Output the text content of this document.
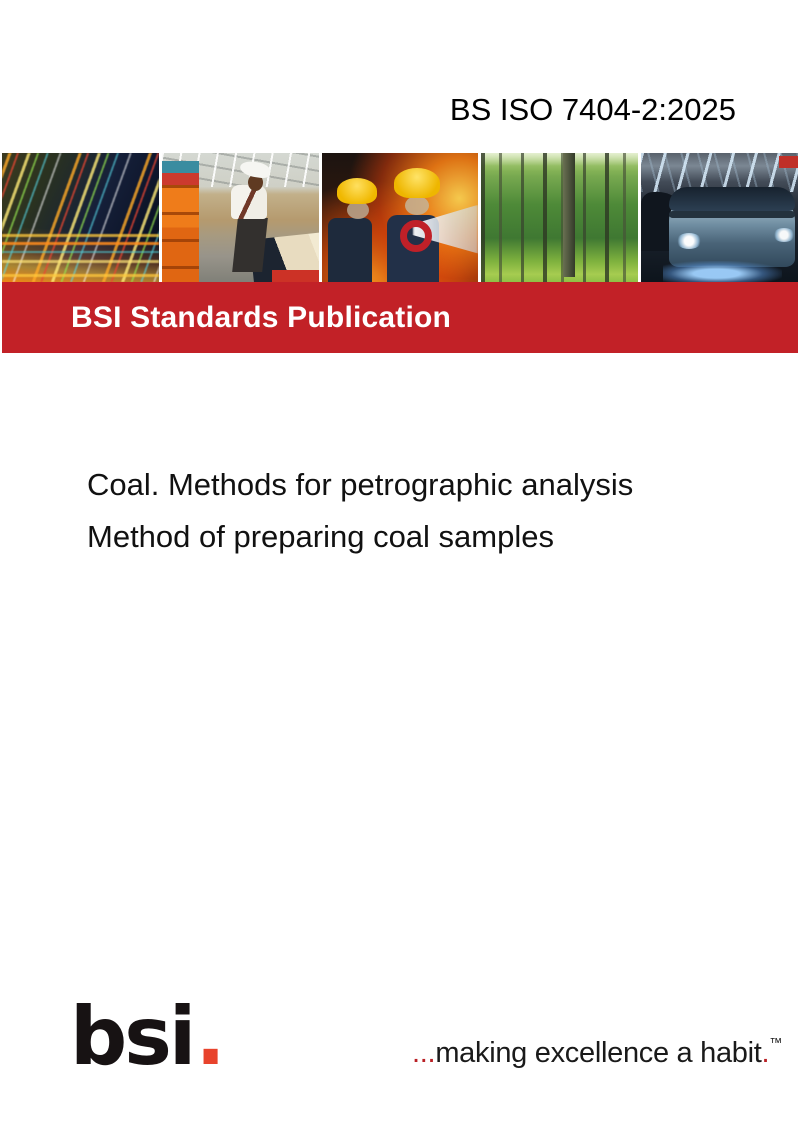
BS ISO 7404-2:2025
BSI Standards Publication
Coal. Methods for petrographic analysis
Method of preparing coal samples
bsi.	...making excellence a habit.™
